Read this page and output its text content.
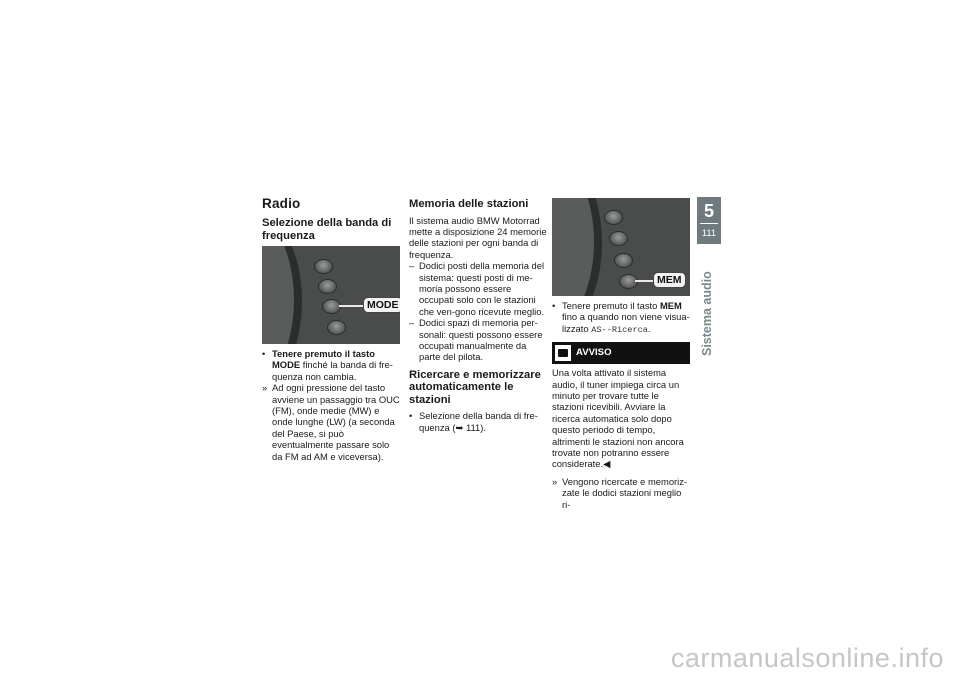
Radio
Selezione della banda di frequenza
MODE
• Tenere premuto il tasto MODE finché la banda di fre-quenza non cambia.
» Ad ogni pressione del tasto avviene un passaggio tra OUC (FM), onde medie (MW) e onde lunghe (LW) (a seconda del Paese, si può eventualmente passare solo da FM ad AM e viceversa).
Memoria delle stazioni
Il sistema audio BMW Motorrad mette a disposizione 24 memorie delle stazioni per ogni banda di frequenza.
– Dodici posti della memoria del sistema: questi posti di me-moria possono essere occupati solo con le stazioni che ven-gono ricevute meglio.
– Dodici spazi di memoria per-sonali: questi possono essere occupati manualmente da parte del pilota.
Ricercare e memorizzare automaticamente le stazioni
• Selezione della banda di fre-quenza (➥ 111).
MEM
• Tenere premuto il tasto MEM fino a quando non viene visua-lizzato AS--Ricerca.
AVVISO
Una volta attivato il sistema audio, il tuner impiega circa un minuto per trovare tutte le stazioni ricevibili. Avviare la ricerca automatica solo dopo questo periodo di tempo, altrimenti le stazioni non ancora trovate non potranno essere considerate.◀
» Vengono ricercate e memoriz-zate le dodici stazioni meglio ri-
5
111
Sistema audio
carmanualsonline.info
